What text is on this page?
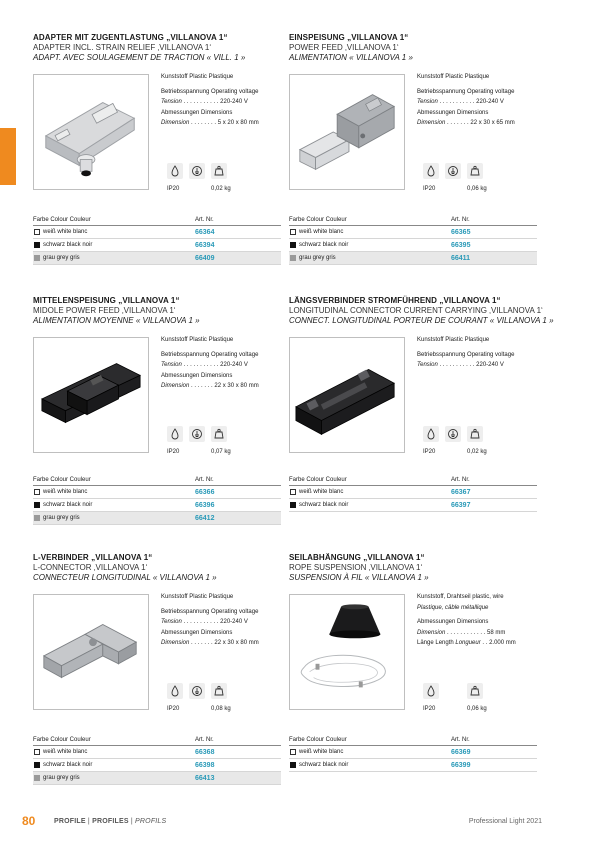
ADAPTER MIT ZUGENTLASTUNG „VILLANOVA 1“
ADAPTER INCL. STRAIN RELIEF ‚VILLANOVA 1‘
ADAPT. AVEC SOULAGEMENT DE TRACTION « VILL. 1 »
Kunststoff Plastic Plastique
Betriebsspannung Operating voltage
Tension . . . . . . . . . . . 220-240 V
Abmessungen Dimensions
Dimension . . . . . . . . 5 x 20 x 80 mm
IP20	0,02 kg
Farbe Colour Couleur	Art. Nr.
weiß white blanc	66364
schwarz black noir	66394
grau grey gris	66409
EINSPEISUNG „VILLANOVA 1“
POWER FEED ‚VILLANOVA 1‘
ALIMENTATION « VILLANOVA 1 »
Kunststoff Plastic Plastique
Betriebsspannung Operating voltage
Tension . . . . . . . . . . . 220-240 V
Abmessungen Dimensions
Dimension . . . . . . . 22 x 30 x 65 mm
IP20	0,06 kg
Farbe Colour Couleur	Art. Nr.
weiß white blanc	66365
schwarz black noir	66395
grau grey gris	66411
MITTELENSPEISUNG „VILLANOVA 1“
MIDOLE POWER FEED ‚VILLANOVA 1‘
ALIMENTATION MOYENNE « VILLANOVA 1 »
Kunststoff Plastic Plastique
Betriebsspannung Operating voltage
Tension . . . . . . . . . . . 220-240 V
Abmessungen Dimensions
Dimension . . . . . . . 22 x 30 x 80 mm
IP20	0,07 kg
Farbe Colour Couleur	Art. Nr.
weiß white blanc	66366
schwarz black noir	66396
grau grey gris	66412
LÄNGSVERBINDER STROMFÜHREND „VILLANOVA 1“
LONGITUDINAL CONNECTOR CURRENT CARRYING ‚VILLANOVA 1‘
CONNECT. LONGITUDINAL PORTEUR DE COURANT « VILLANOVA 1 »
Kunststoff Plastic Plastique
Betriebsspannung Operating voltage
Tension . . . . . . . . . . . 220-240 V
IP20	0,02 kg
Farbe Colour Couleur	Art. Nr.
weiß white blanc	66367
schwarz black noir	66397
L-VERBINDER „VILLANOVA 1“
L-CONNECTOR ‚VILLANOVA 1‘
CONNECTEUR LONGITUDINAL « VILLANOVA 1 »
Kunststoff Plastic Plastique
Betriebsspannung Operating voltage
Tension . . . . . . . . . . . 220-240 V
Abmessungen Dimensions
Dimension . . . . . . . 22 x 30 x 80 mm
IP20	0,08 kg
Farbe Colour Couleur	Art. Nr.
weiß white blanc	66368
schwarz black noir	66398
grau grey gris	66413
SEILABHÄNGUNG „VILLANOVA 1“
ROPE SUSPENSION ‚VILLANOVA 1‘
SUSPENSION À FIL « VILLANOVA 1 »
Kunststoff, Drahtseil plastic, wire
Plastique, câble métallique
Abmessungen Dimensions
Dimension . . . . . . . . . . . . 58 mm
Länge Length Longueur . . 2.000 mm
IP20	0,06 kg
Farbe Colour Couleur	Art. Nr.
weiß white blanc	66369
schwarz black noir	66399
80	PROFILE | PROFILES | PROFILS	Professional Light 2021
